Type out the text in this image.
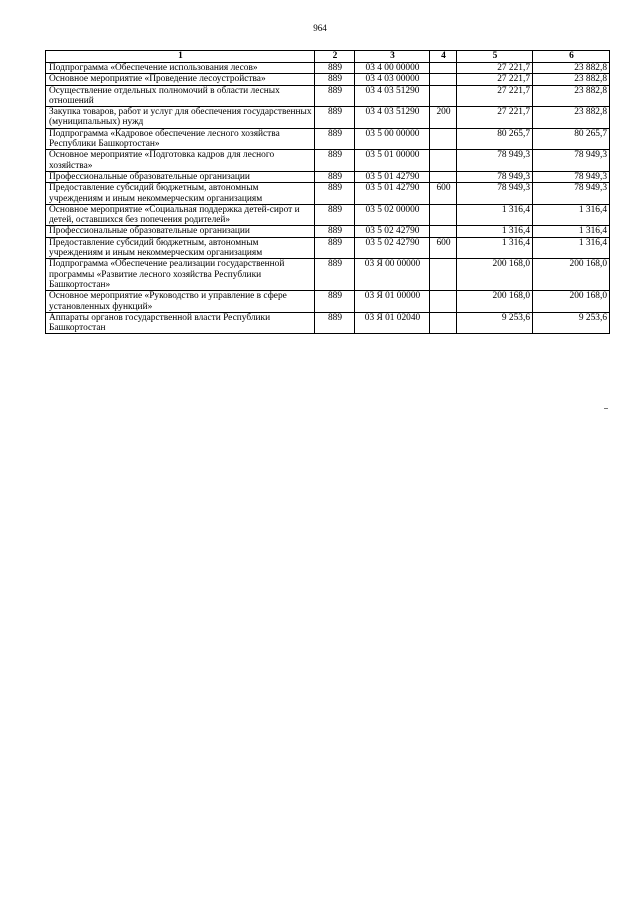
964
1	2	3	4	5	6
Подпрограмма «Обеспечение использования лесов»	889	03 4 00 00000		27 221,7	23 882,8
Основное мероприятие «Проведение лесоустройства»	889	03 4 03 00000		27 221,7	23 882,8
Осуществление отдельных полномочий в области лесных отношений	889	03 4 03 51290		27 221,7	23 882,8
Закупка товаров, работ и услуг для обеспечения государственных (муниципальных) нужд	889	03 4 03 51290	200	27 221,7	23 882,8
Подпрограмма «Кадровое обеспечение лесного хозяйства Республики Башкортостан»	889	03 5 00 00000		80 265,7	80 265,7
Основное мероприятие «Подготовка кадров для лесного хозяйства»	889	03 5 01 00000		78 949,3	78 949,3
Профессиональные образовательные организации	889	03 5 01 42790		78 949,3	78 949,3
Предоставление субсидий бюджетным, автономным учреждениям и иным некоммерческим организациям	889	03 5 01 42790	600	78 949,3	78 949,3
Основное мероприятие «Социальная поддержка детей-сирот и детей, оставшихся без попечения родителей»	889	03 5 02 00000		1 316,4	1 316,4
Профессиональные образовательные организации	889	03 5 02 42790		1 316,4	1 316,4
Предоставление субсидий бюджетным, автономным учреждениям и иным некоммерческим организациям	889	03 5 02 42790	600	1 316,4	1 316,4
Подпрограмма «Обеспечение реализации государственной программы «Развитие лесного хозяйства Республики Башкортостан»	889	03 Я 00 00000		200 168,0	200 168,0
Основное мероприятие «Руководство и управление в сфере установленных функций»	889	03 Я 01 00000		200 168,0	200 168,0
Аппараты органов государственной власти Республики Башкортостан	889	03 Я 01 02040		9 253,6	9 253,6
